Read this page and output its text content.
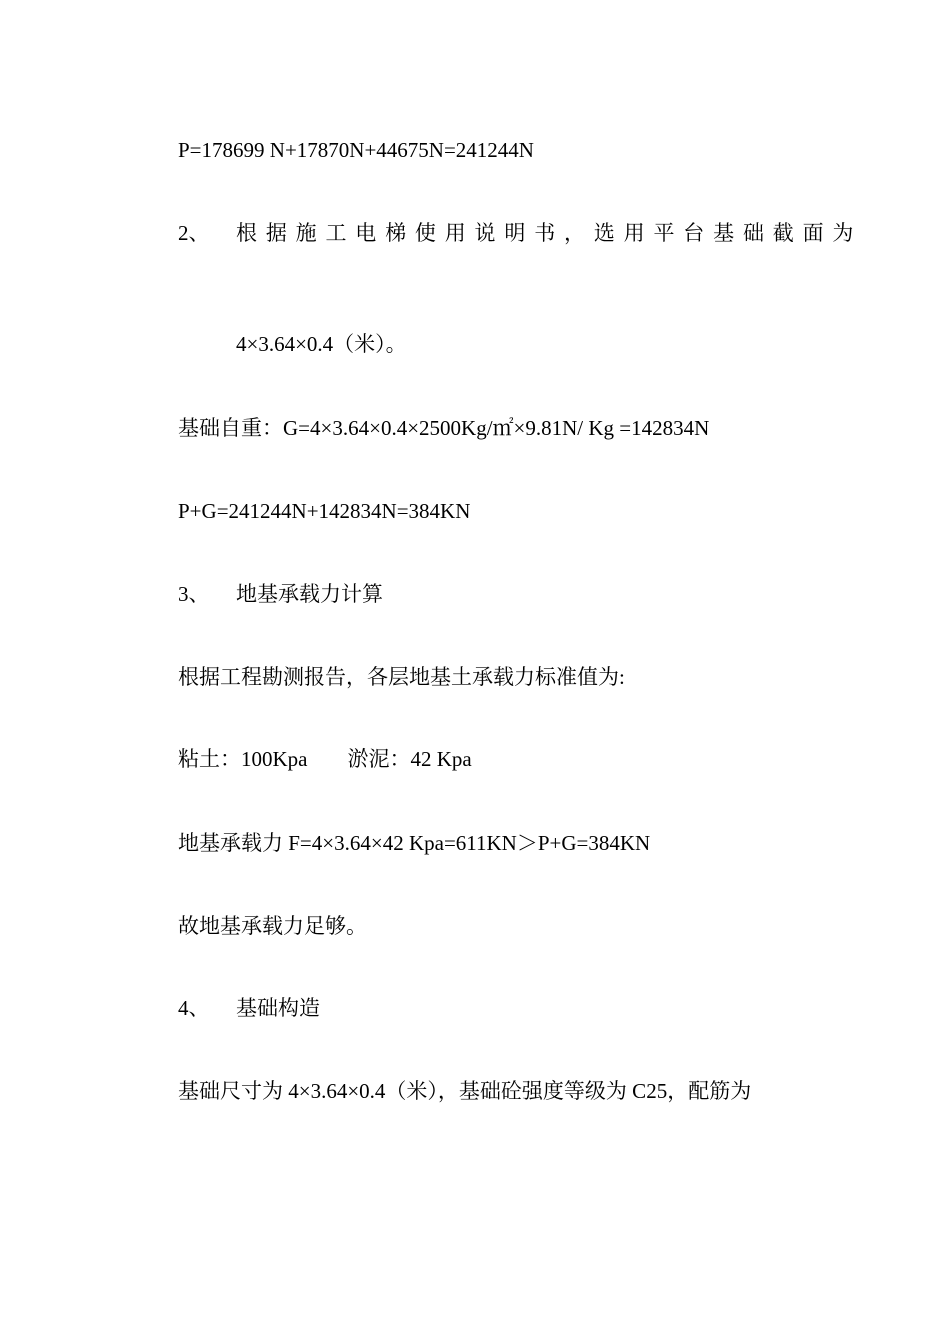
P=178699 N+17870N+44675N=241244N
2、 根据施工电梯使用说明书，选用平台基础截面为
4×3.64×0.4（米）。
基础自重：G=4×3.64×0.4×2500Kg/㎡×9.81N/ Kg =142834N
P+G=241244N+142834N=384KN
3、 地基承载力计算
根据工程勘测报告，各层地基土承载力标准值为:
粘土：100Kpa 淤泥：42 Kpa
地基承载力 F=4×3.64×42 Kpa=611KN＞P+G=384KN
故地基承载力足够。
4、 基础构造
基础尺寸为 4×3.64×0.4（米），基础砼强度等级为 C25，配筋为
